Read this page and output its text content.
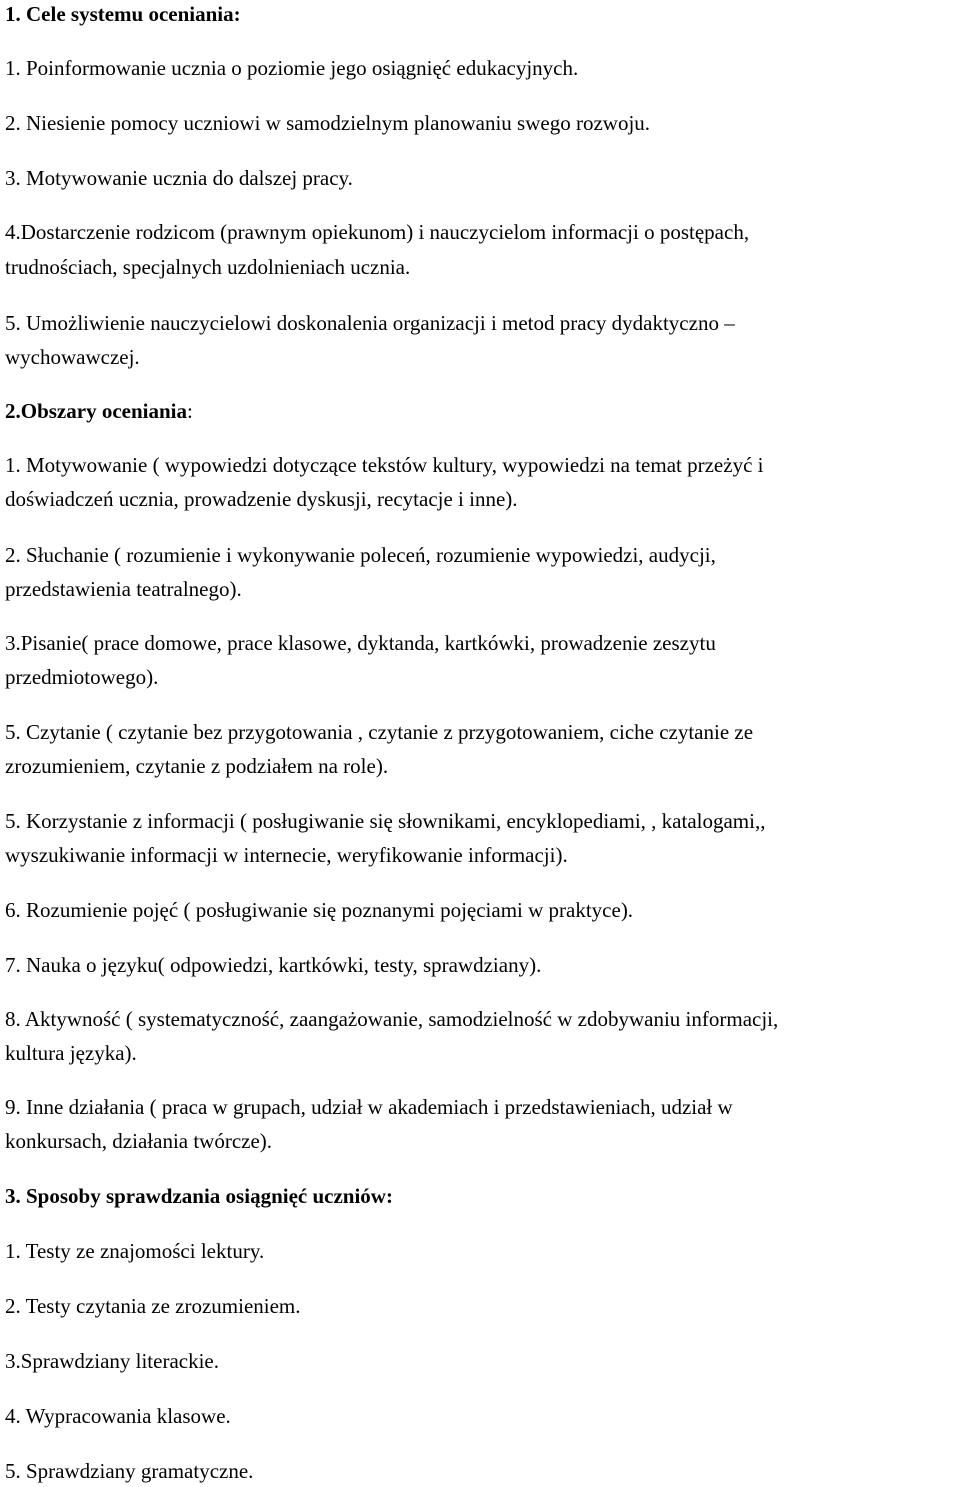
1. Cele systemu oceniania:
1. Poinformowanie ucznia o poziomie jego osiągnięć edukacyjnych.
2. Niesienie pomocy uczniowi w samodzielnym planowaniu swego rozwoju.
3. Motywowanie ucznia do dalszej pracy.
4.Dostarczenie rodzicom (prawnym opiekunom) i nauczycielom informacji o postępach,
trudnościach, specjalnych uzdolnieniach ucznia.
5. Umożliwienie nauczycielowi doskonalenia organizacji i metod pracy dydaktyczno –
wychowawczej.
2.Obszary oceniania:
1. Motywowanie ( wypowiedzi dotyczące tekstów kultury, wypowiedzi na temat przeżyć i
doświadczeń ucznia, prowadzenie dyskusji, recytacje i inne).
2. Słuchanie ( rozumienie i wykonywanie poleceń, rozumienie wypowiedzi, audycji,
przedstawienia teatralnego).
3.Pisanie( prace domowe, prace klasowe, dyktanda, kartkówki, prowadzenie zeszytu
przedmiotowego).
5. Czytanie ( czytanie bez przygotowania , czytanie z przygotowaniem, ciche czytanie ze
zrozumieniem, czytanie z podziałem na role).
5. Korzystanie z informacji ( posługiwanie się słownikami, encyklopediami, , katalogami,,
wyszukiwanie informacji w internecie, weryfikowanie informacji).
6. Rozumienie pojęć ( posługiwanie się poznanymi pojęciami w praktyce).
7. Nauka o języku( odpowiedzi, kartkówki, testy, sprawdziany).
8. Aktywność ( systematyczność, zaangażowanie, samodzielność w zdobywaniu informacji,
kultura języka).
9. Inne działania ( praca w grupach, udział w akademiach i przedstawieniach, udział w
konkursach, działania twórcze).
3. Sposoby sprawdzania osiągnięć uczniów:
1. Testy ze znajomości lektury.
2. Testy czytania ze zrozumieniem.
3.Sprawdziany literackie.
4. Wypracowania klasowe.
5. Sprawdziany gramatyczne.
